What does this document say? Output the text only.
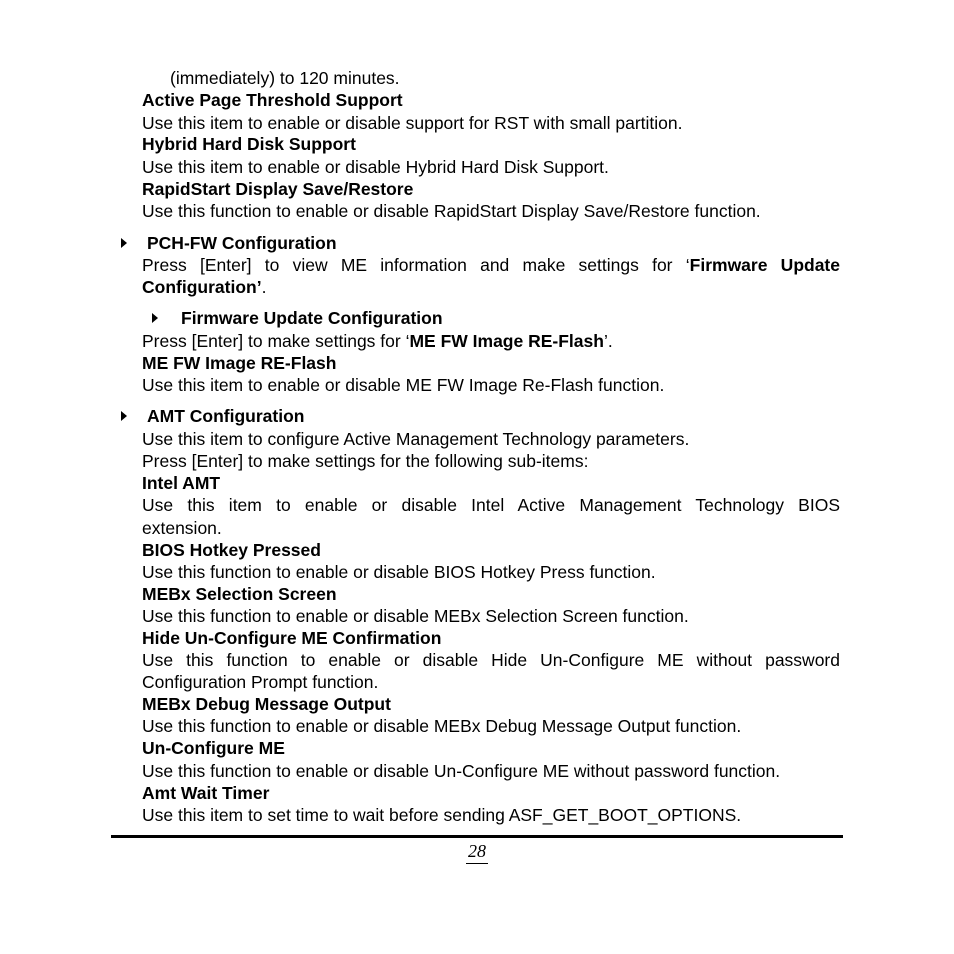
(immediately) to 120 minutes.
Active Page Threshold Support
Use this item to enable or disable support for RST with small partition.
Hybrid Hard Disk Support
Use this item to enable or disable Hybrid Hard Disk Support.
RapidStart Display Save/Restore
Use this function to enable or disable RapidStart Display Save/Restore function.
PCH-FW Configuration
Press [Enter] to view ME information and make settings for ‘Firmware Update
Configuration’.
Firmware Update Configuration
Press [Enter] to make settings for ‘ME FW Image RE-Flash’.
ME FW Image RE-Flash
Use this item to enable or disable ME FW Image Re-Flash function.
AMT Configuration
Use this item to configure Active Management Technology parameters.
Press [Enter] to make settings for the following sub-items:
Intel AMT
Use this item to enable or disable Intel Active Management Technology BIOS
extension.
BIOS Hotkey Pressed
Use this function to enable or disable BIOS Hotkey Press function.
MEBx Selection Screen
Use this function to enable or disable MEBx Selection Screen function.
Hide Un-Configure ME Confirmation
Use this function to enable or disable Hide Un-Configure ME without password
Configuration Prompt function.
MEBx Debug Message Output
Use this function to enable or disable MEBx Debug Message Output function.
Un-Configure ME
Use this function to enable or disable Un-Configure ME without password function.
Amt Wait Timer
Use this item to set time to wait before sending ASF_GET_BOOT_OPTIONS.
28
